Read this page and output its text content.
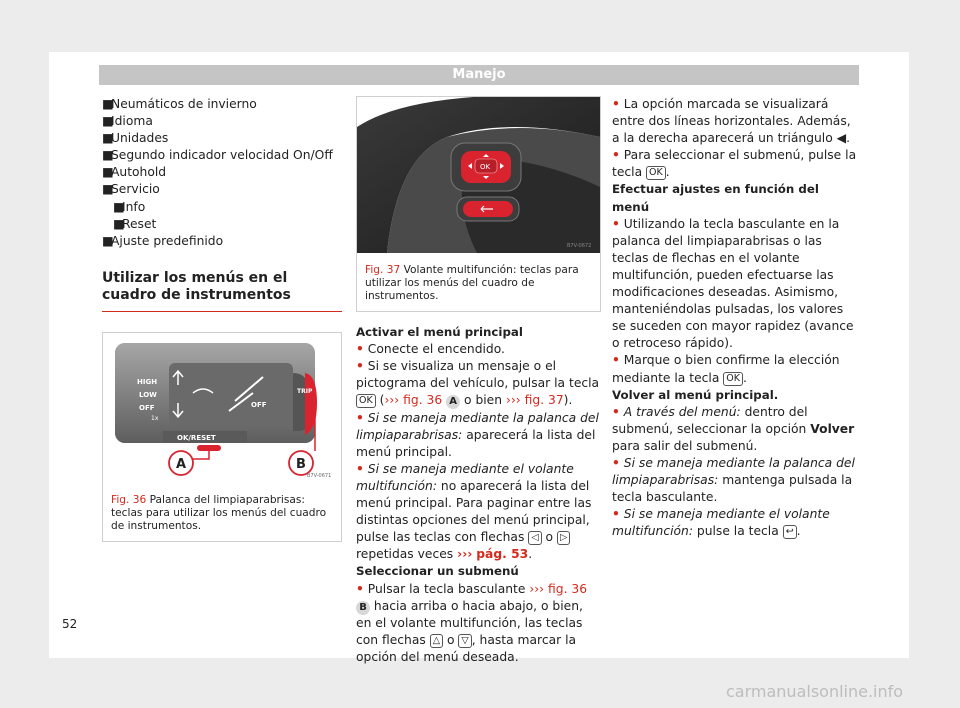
Manejo

■Neumáticos de invierno

■Idioma

■Unidades

■Segundo indicador velocidad On/Off

■Autohold

■Servicio

■Info

■Reset

■Ajuste predefinido

Utilizar los menús en el cuadro de instrumentos
HIGH
LOW
OFF
1x
OFF
TRIP
OK/RESET
A	B
B7V-0671
Fig. 36 Palanca del limpiaparabrisas: teclas para utilizar los menús del cuadro de instrumentos.
OK
B7V-0672
Fig. 37 Volante multifunción: teclas para utilizar los menús del cuadro de instrumentos.

Activar el menú principal

• Conecte el encendido.

• Si se visualiza un mensaje o el pictograma del vehículo, pulsar la tecla OK (››› fig. 36 A o bien ››› fig. 37).

• Si se maneja mediante la palanca del limpiaparabrisas: aparecerá la lista del menú principal.

• Si se maneja mediante el volante multifunción: no aparecerá la lista del menú principal. Para paginar entre las distintas opciones del menú principal, pulse las teclas con flechas ◁ o ▷ repetidas veces ››› pág. 53.

Seleccionar un submenú

• Pulsar la tecla basculante ››› fig. 36 B hacia arriba o hacia abajo, o bien, en el volante multifunción, las teclas con flechas △ o ▽ , hasta marcar la opción del menú deseada.

• La opción marcada se visualizará entre dos líneas horizontales. Además, a la derecha aparecerá un triángulo ◀.

• Para seleccionar el submenú, pulse la tecla OK .

Efectuar ajustes en función del menú

• Utilizando la tecla basculante en la palanca del limpiaparabrisas o las teclas de flechas en el volante multifunción, pueden efectuarse las modificaciones deseadas. Asimismo, manteniéndolas pulsadas, los valores se suceden con mayor rapidez (avance o retroceso rápido).

• Marque o bien confirme la elección mediante la tecla OK .

Volver al menú principal.

• A través del menú: dentro del submenú, seleccionar la opción Volver para salir del submenú.

• Si se maneja mediante la palanca del limpiaparabrisas: mantenga pulsada la tecla basculante.

• Si se maneja mediante el volante multifunción: pulse la tecla ↩ .

52
carmanualsonline.info
